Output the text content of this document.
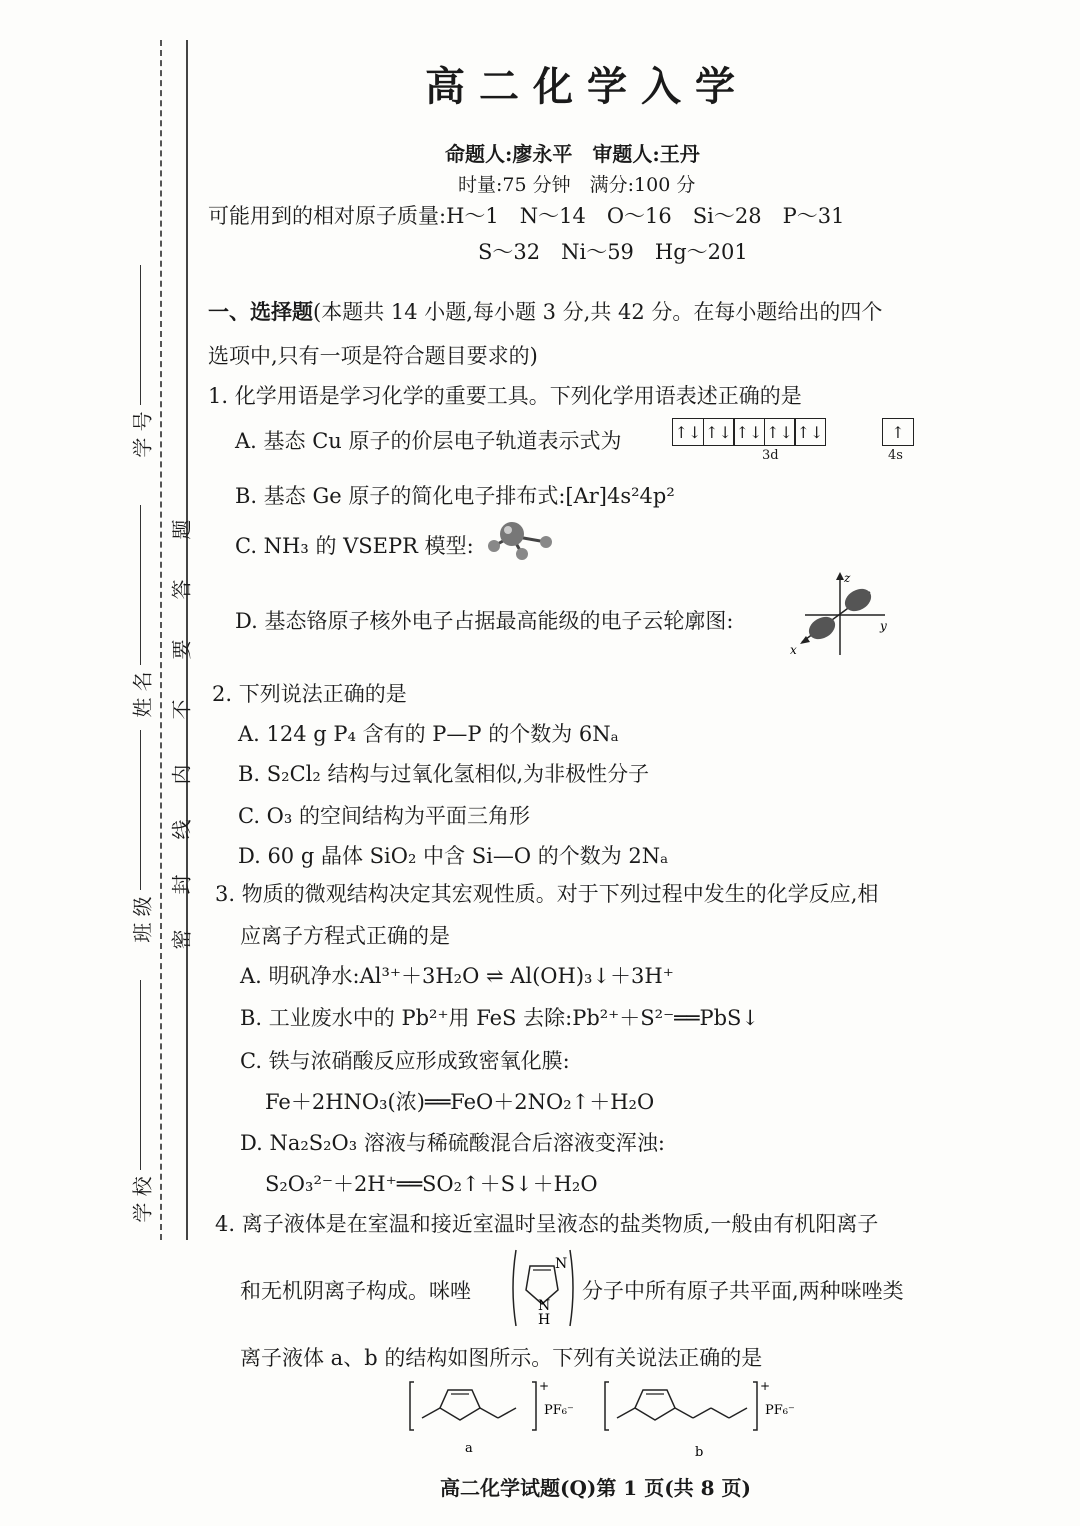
学 号
姓 名
班 级
学 校
密
封
线
内
不
要
答
题
高二化学入学
命题人:廖永平　审题人:王丹
时量:75 分钟　满分:100 分
可能用到的相对原子质量:H～1　N～14　O～16　Si～28　P～31
S～32　Ni～59　Hg～201
一、选择题(本题共 14 小题,每小题 3 分,共 42 分。在每小题给出的四个
选项中,只有一项是符合题目要求的)
1. 化学用语是学习化学的重要工具。下列化学用语表述正确的是
A. 基态 Cu 原子的价层电子轨道表示式为	↑↓ ↑↓ ↑↓ ↑↓ ↑↓
3d
↑
4s
B. 基态 Ge 原子的简化电子排布式:[Ar]4s²4p²
C. NH₃ 的 VSEPR 模型:
D. 基态铬原子核外电子占据最高能级的电子云轮廓图:
z
y
x
2. 下列说法正确的是
A. 124 g P₄ 含有的 P—P 的个数为 6Nₐ
B. S₂Cl₂ 结构与过氧化氢相似,为非极性分子
C. O₃ 的空间结构为平面三角形
D. 60 g 晶体 SiO₂ 中含 Si—O 的个数为 2Nₐ
3. 物质的微观结构决定其宏观性质。对于下列过程中发生的化学反应,相
应离子方程式正确的是
A. 明矾净水:Al³⁺＋3H₂O ⇌ Al(OH)₃↓＋3H⁺
B. 工业废水中的 Pb²⁺用 FeS 去除:Pb²⁺＋S²⁻══PbS↓
C. 铁与浓硝酸反应形成致密氧化膜:
Fe＋2HNO₃(浓)══FeO＋2NO₂↑＋H₂O
D. Na₂S₂O₃ 溶液与稀硫酸混合后溶液变浑浊:
S₂O₃²⁻＋2H⁺══SO₂↑＋S↓＋H₂O
4. 离子液体是在室温和接近室温时呈液态的盐类物质,一般由有机阳离子
和无机阴离子构成。咪唑
N
N
H
分子中所有原子共平面,两种咪唑类
离子液体 a、b 的结构如图所示。下列有关说法正确的是
+
PF₆⁻
a
+
PF₆⁻
b
高二化学试题(Q)第 1 页(共 8 页)
